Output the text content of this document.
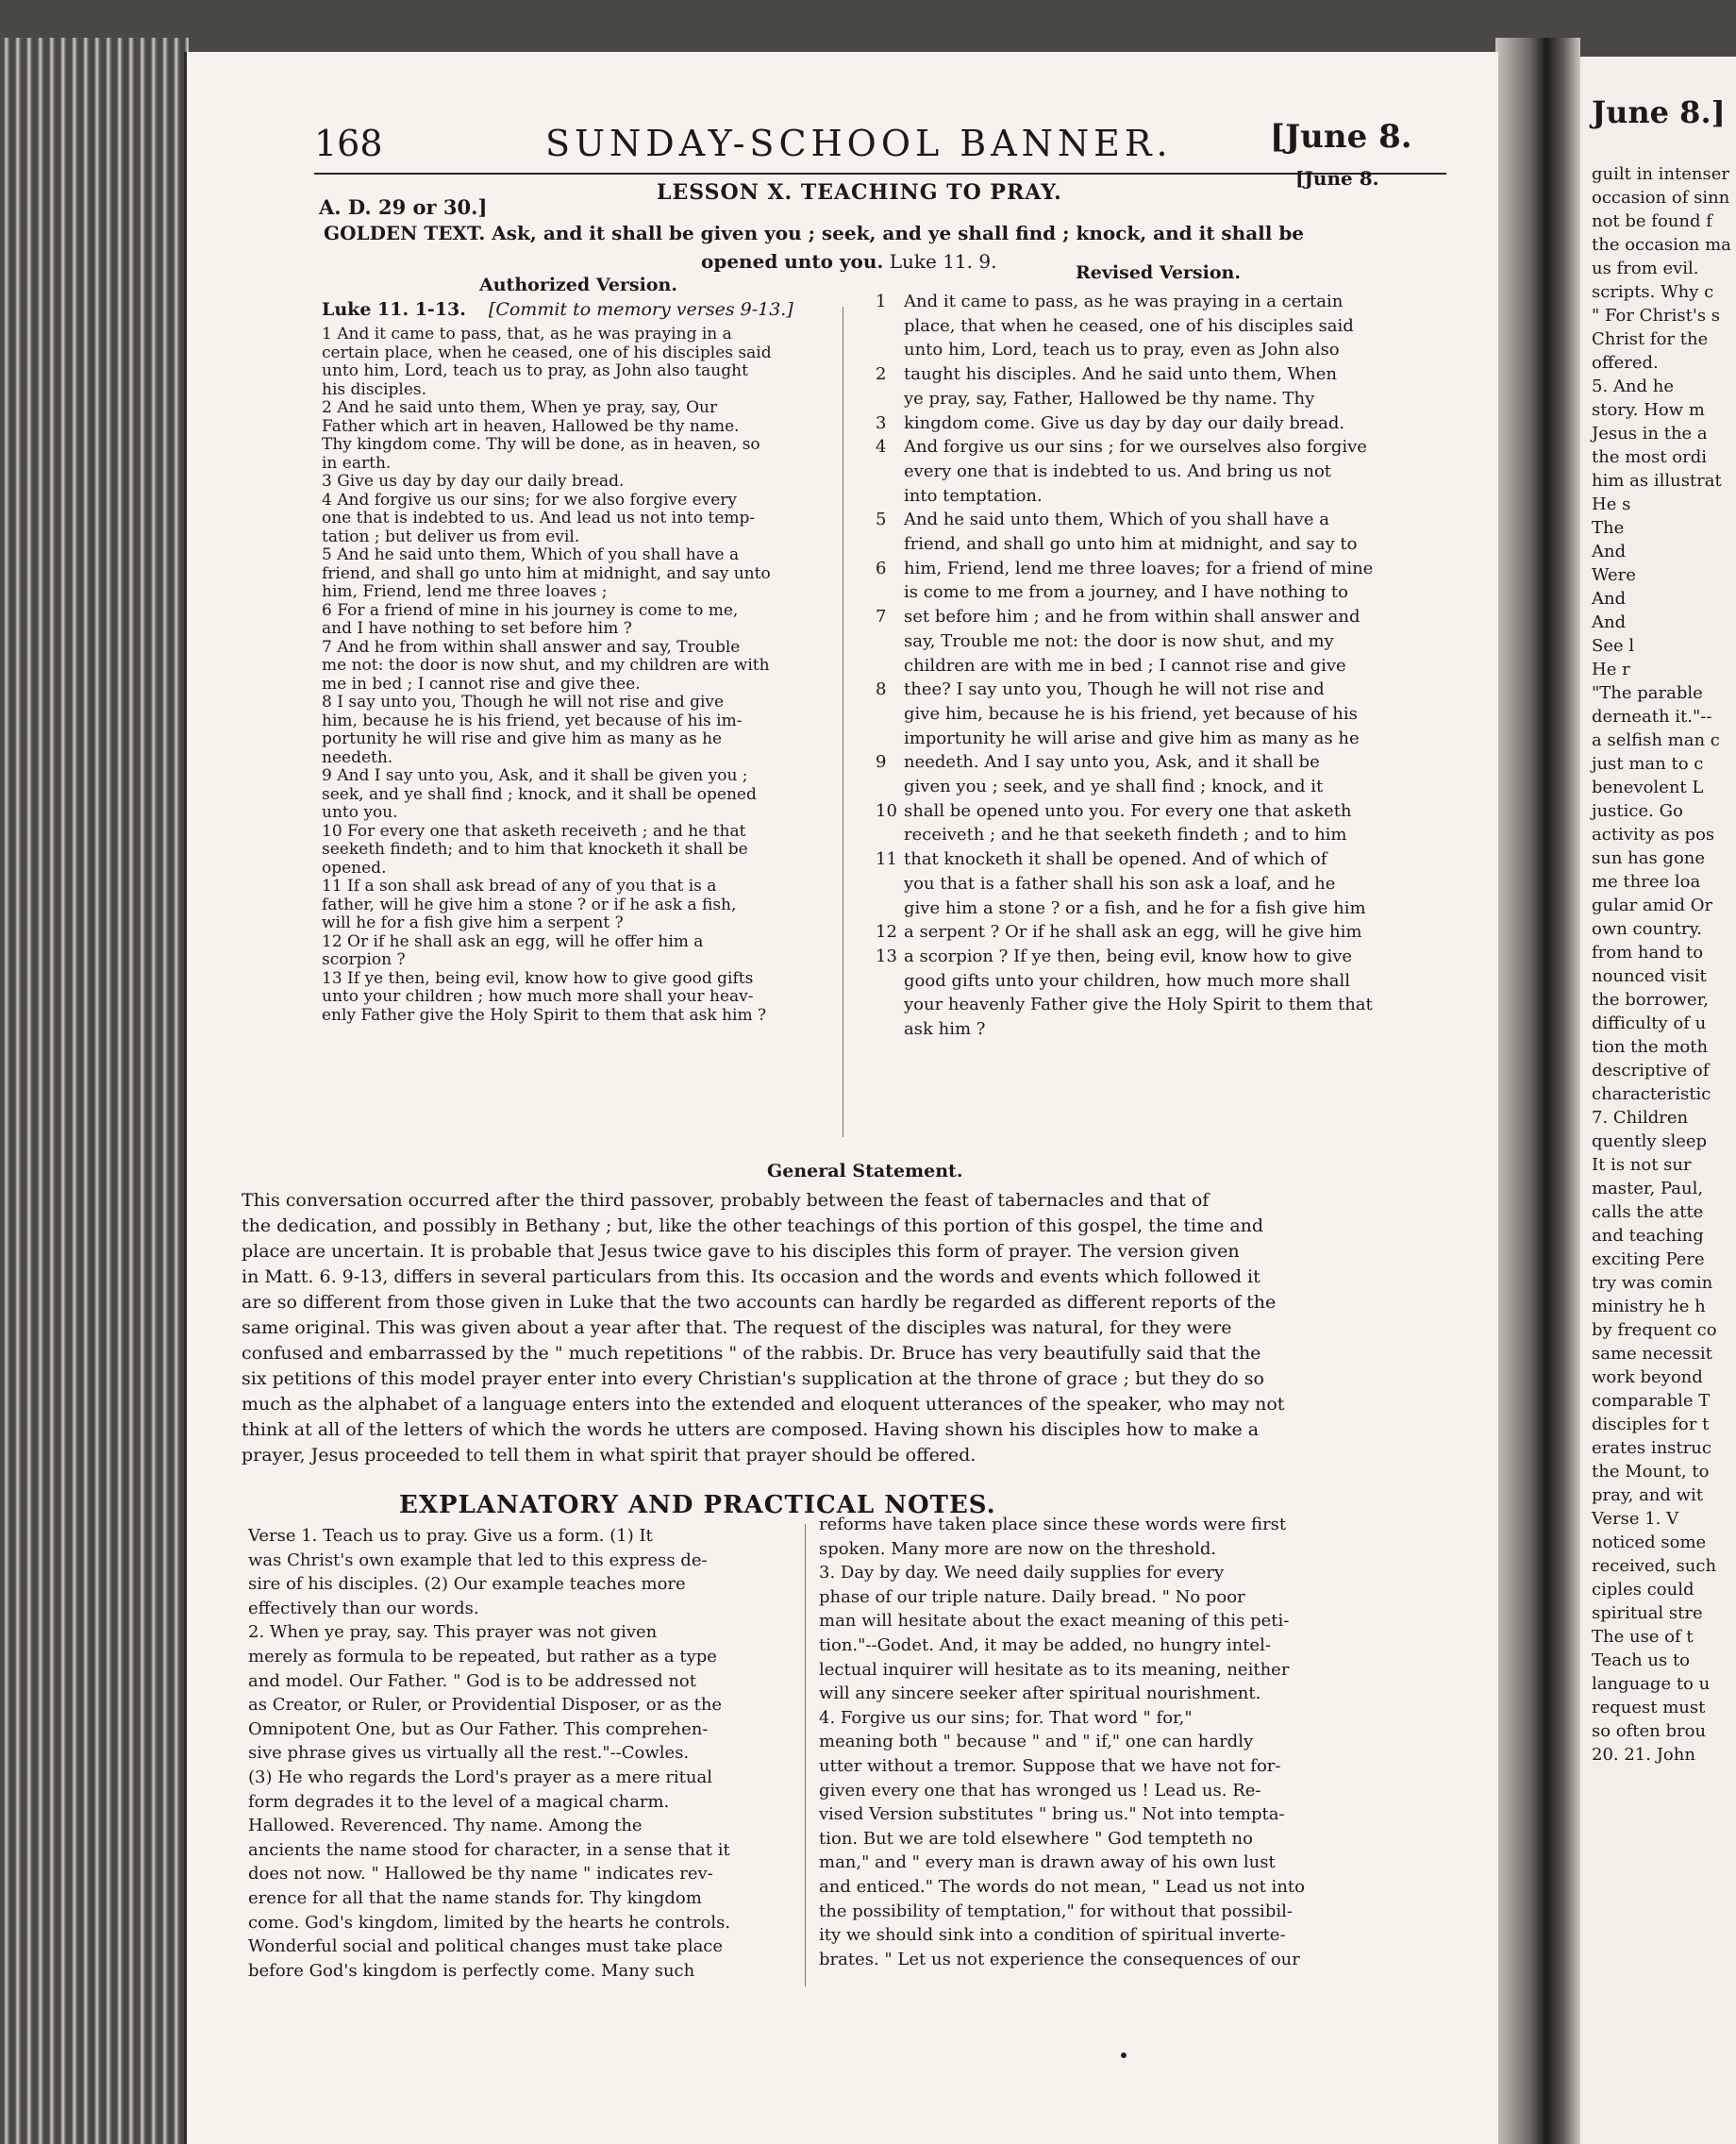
168	SUNDAY-SCHOOL BANNER.	[June 8.
A. D. 29 or 30.]
LESSON X. TEACHING TO PRAY.
[June 8.
GOLDEN TEXT. Ask, and it shall be given you ; seek, and ye shall find ; knock, and it shall be
opened unto you. Luke 11. 9.
Authorized Version.
Luke 11. 1-13. [Commit to memory verses 9-13.]
1 And it came to pass, that, as he was praying in a
certain place, when he ceased, one of his disciples said
unto him, Lord, teach us to pray, as John also taught
his disciples.
2 And he said unto them, When ye pray, say, Our
Father which art in heaven, Hallowed be thy name.
Thy kingdom come. Thy will be done, as in heaven, so
in earth.
3 Give us day by day our daily bread.
4 And forgive us our sins; for we also forgive every
one that is indebted to us. And lead us not into temp-
tation ; but deliver us from evil.
5 And he said unto them, Which of you shall have a
friend, and shall go unto him at midnight, and say unto
him, Friend, lend me three loaves ;
6 For a friend of mine in his journey is come to me,
and I have nothing to set before him ?
7 And he from within shall answer and say, Trouble
me not: the door is now shut, and my children are with
me in bed ; I cannot rise and give thee.
8 I say unto you, Though he will not rise and give
him, because he is his friend, yet because of his im-
portunity he will rise and give him as many as he
needeth.
9 And I say unto you, Ask, and it shall be given you ;
seek, and ye shall find ; knock, and it shall be opened
unto you.
10 For every one that asketh receiveth ; and he that
seeketh findeth; and to him that knocketh it shall be
opened.
11 If a son shall ask bread of any of you that is a
father, will he give him a stone ? or if he ask a fish,
will he for a fish give him a serpent ?
12 Or if he shall ask an egg, will he offer him a
scorpion ?
13 If ye then, being evil, know how to give good gifts
unto your children ; how much more shall your heav-
enly Father give the Holy Spirit to them that ask him ?
Revised Version.
1	And it came to pass, as he was praying in a certain
place, that when he ceased, one of his disciples said
unto him, Lord, teach us to pray, even as John also
2	taught his disciples. And he said unto them, When
ye pray, say, Father, Hallowed be thy name. Thy
3	kingdom come. Give us day by day our daily bread.
4	And forgive us our sins ; for we ourselves also forgive
every one that is indebted to us. And bring us not
into temptation.
5	And he said unto them, Which of you shall have a
friend, and shall go unto him at midnight, and say to
6	him, Friend, lend me three loaves; for a friend of mine
is come to me from a journey, and I have nothing to
7	set before him ; and he from within shall answer and
say, Trouble me not: the door is now shut, and my
children are with me in bed ; I cannot rise and give
8	thee? I say unto you, Though he will not rise and
give him, because he is his friend, yet because of his
importunity he will arise and give him as many as he
9	needeth. And I say unto you, Ask, and it shall be
given you ; seek, and ye shall find ; knock, and it
10 shall be opened unto you. For every one that asketh
receiveth ; and he that seeketh findeth ; and to him
11 that knocketh it shall be opened. And of which of
you that is a father shall his son ask a loaf, and he
give him a stone ? or a fish, and he for a fish give him
12 a serpent ? Or if he shall ask an egg, will he give him
13 a scorpion ? If ye then, being evil, know how to give
good gifts unto your children, how much more shall
your heavenly Father give the Holy Spirit to them that
ask him ?
General Statement.
This conversation occurred after the third passover, probably between the feast of tabernacles and that of
the dedication, and possibly in Bethany ; but, like the other teachings of this portion of this gospel, the time and
place are uncertain. It is probable that Jesus twice gave to his disciples this form of prayer. The version given
in Matt. 6. 9-13, differs in several particulars from this. Its occasion and the words and events which followed it
are so different from those given in Luke that the two accounts can hardly be regarded as different reports of the
same original. This was given about a year after that. The request of the disciples was natural, for they were
confused and embarrassed by the " much repetitions " of the rabbis. Dr. Bruce has very beautifully said that the
six petitions of this model prayer enter into every Christian's supplication at the throne of grace ; but they do so
much as the alphabet of a language enters into the extended and eloquent utterances of the speaker, who may not
think at all of the letters of which the words he utters are composed. Having shown his disciples how to make a
prayer, Jesus proceeded to tell them in what spirit that prayer should be offered.
EXPLANATORY AND PRACTICAL NOTES.
Verse 1. Teach us to pray. Give us a form. (1) It
was Christ's own example that led to this express de-
sire of his disciples. (2) Our example teaches more
effectively than our words.
2. When ye pray, say. This prayer was not given
merely as formula to be repeated, but rather as a type
and model. Our Father. " God is to be addressed not
as Creator, or Ruler, or Providential Disposer, or as the
Omnipotent One, but as Our Father. This comprehen-
sive phrase gives us virtually all the rest."--Cowles.
(3) He who regards the Lord's prayer as a mere ritual
form degrades it to the level of a magical charm.
Hallowed. Reverenced. Thy name. Among the
ancients the name stood for character, in a sense that it
does not now. " Hallowed be thy name " indicates rev-
erence for all that the name stands for. Thy kingdom
come. God's kingdom, limited by the hearts he controls.
Wonderful social and political changes must take place
before God's kingdom is perfectly come. Many such
reforms have taken place since these words were first
spoken. Many more are now on the threshold.
3. Day by day. We need daily supplies for every
phase of our triple nature. Daily bread. " No poor
man will hesitate about the exact meaning of this peti-
tion."--Godet. And, it may be added, no hungry intel-
lectual inquirer will hesitate as to its meaning, neither
will any sincere seeker after spiritual nourishment.
4. Forgive us our sins; for. That word " for,"
meaning both " because " and " if," one can hardly
utter without a tremor. Suppose that we have not for-
given every one that has wronged us ! Lead us. Re-
vised Version substitutes " bring us." Not into tempta-
tion. But we are told elsewhere " God tempteth no
man," and " every man is drawn away of his own lust
and enticed." The words do not mean, " Lead us not into
the possibility of temptation," for without that possibil-
ity we should sink into a condition of spiritual inverte-
brates. " Let us not experience the consequences of our
June 8.]
guilt in intenser
occasion of sinn
not be found f
the occasion ma
us from evil.
scripts. Why c
" For Christ's s
Christ for the
offered.
5. And he
story. How m
Jesus in the a
the most ordi
him as illustrat
He s
The
And
Were
And
And
See l
He r
"The parable
derneath it."--
a selfish man c
just man to c
benevolent L
justice. Go
activity as pos
sun has gone
me three loa
gular amid Or
own country.
from hand to
nounced visit
the borrower,
difficulty of u
tion the moth
descriptive of
characteristic
7. Children
quently sleep
It is not sur
master, Paul,
calls the atte
and teaching
exciting Pere
try was comin
ministry he h
by frequent co
same necessit
work beyond
comparable T
disciples for t
erates instruc
the Mount, to
pray, and wit
Verse 1. V
noticed some
received, such
ciples could
spiritual stre
The use of t
Teach us to
language to u
request must
so often brou
20. 21. John
